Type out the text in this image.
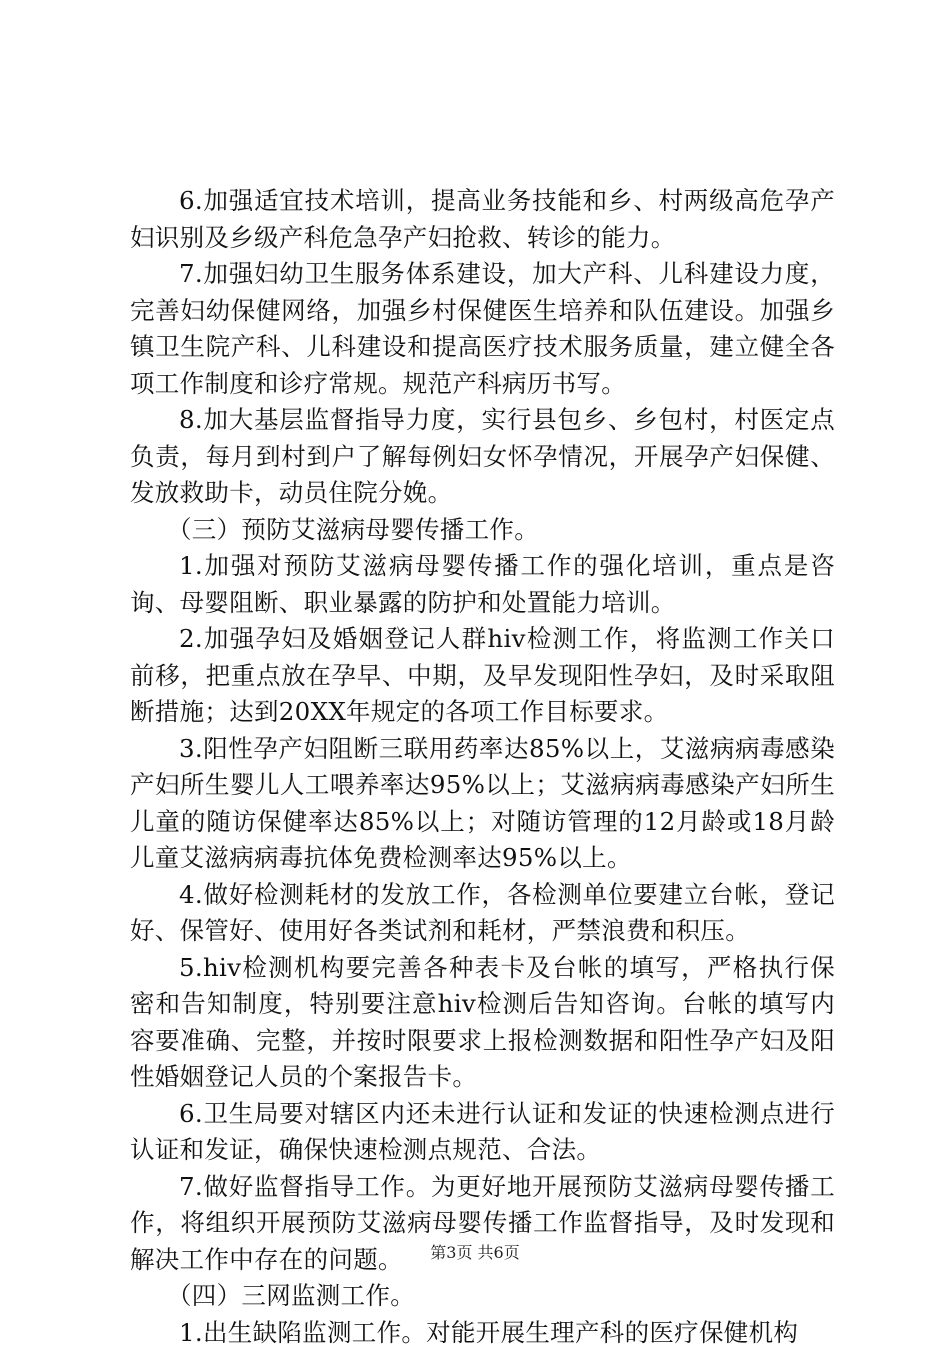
6.加强适宜技术培训，提高业务技能和乡、村两级高危孕产妇识别及乡级产科危急孕产妇抢救、转诊的能力。

7.加强妇幼卫生服务体系建设，加大产科、儿科建设力度，完善妇幼保健网络，加强乡村保健医生培养和队伍建设。加强乡镇卫生院产科、儿科建设和提高医疗技术服务质量，建立健全各项工作制度和诊疗常规。规范产科病历书写。

8.加大基层监督指导力度，实行县包乡、乡包村，村医定点负责，每月到村到户了解每例妇女怀孕情况，开展孕产妇保健、发放救助卡，动员住院分娩。

（三）预防艾滋病母婴传播工作。

1.加强对预防艾滋病母婴传播工作的强化培训，重点是咨询、母婴阻断、职业暴露的防护和处置能力培训。

2.加强孕妇及婚姻登记人群hiv检测工作，将监测工作关口前移，把重点放在孕早、中期，及早发现阳性孕妇，及时采取阻断措施；达到20XX年规定的各项工作目标要求。

3.阳性孕产妇阻断三联用药率达85%以上，艾滋病病毒感染产妇所生婴儿人工喂养率达95%以上；艾滋病病毒感染产妇所生儿童的随访保健率达85%以上；对随访管理的12月龄或18月龄儿童艾滋病病毒抗体免费检测率达95%以上。

4.做好检测耗材的发放工作，各检测单位要建立台帐，登记好、保管好、使用好各类试剂和耗材，严禁浪费和积压。

5.hiv检测机构要完善各种表卡及台帐的填写，严格执行保密和告知制度，特别要注意hiv检测后告知咨询。台帐的填写内容要准确、完整，并按时限要求上报检测数据和阳性孕产妇及阳性婚姻登记人员的个案报告卡。

6.卫生局要对辖区内还未进行认证和发证的快速检测点进行认证和发证，确保快速检测点规范、合法。

7.做好监督指导工作。为更好地开展预防艾滋病母婴传播工作，将组织开展预防艾滋病母婴传播工作监督指导，及时发现和解决工作中存在的问题。

（四）三网监测工作。

1.出生缺陷监测工作。对能开展生理产科的医疗保健机构

第3页 共6页
